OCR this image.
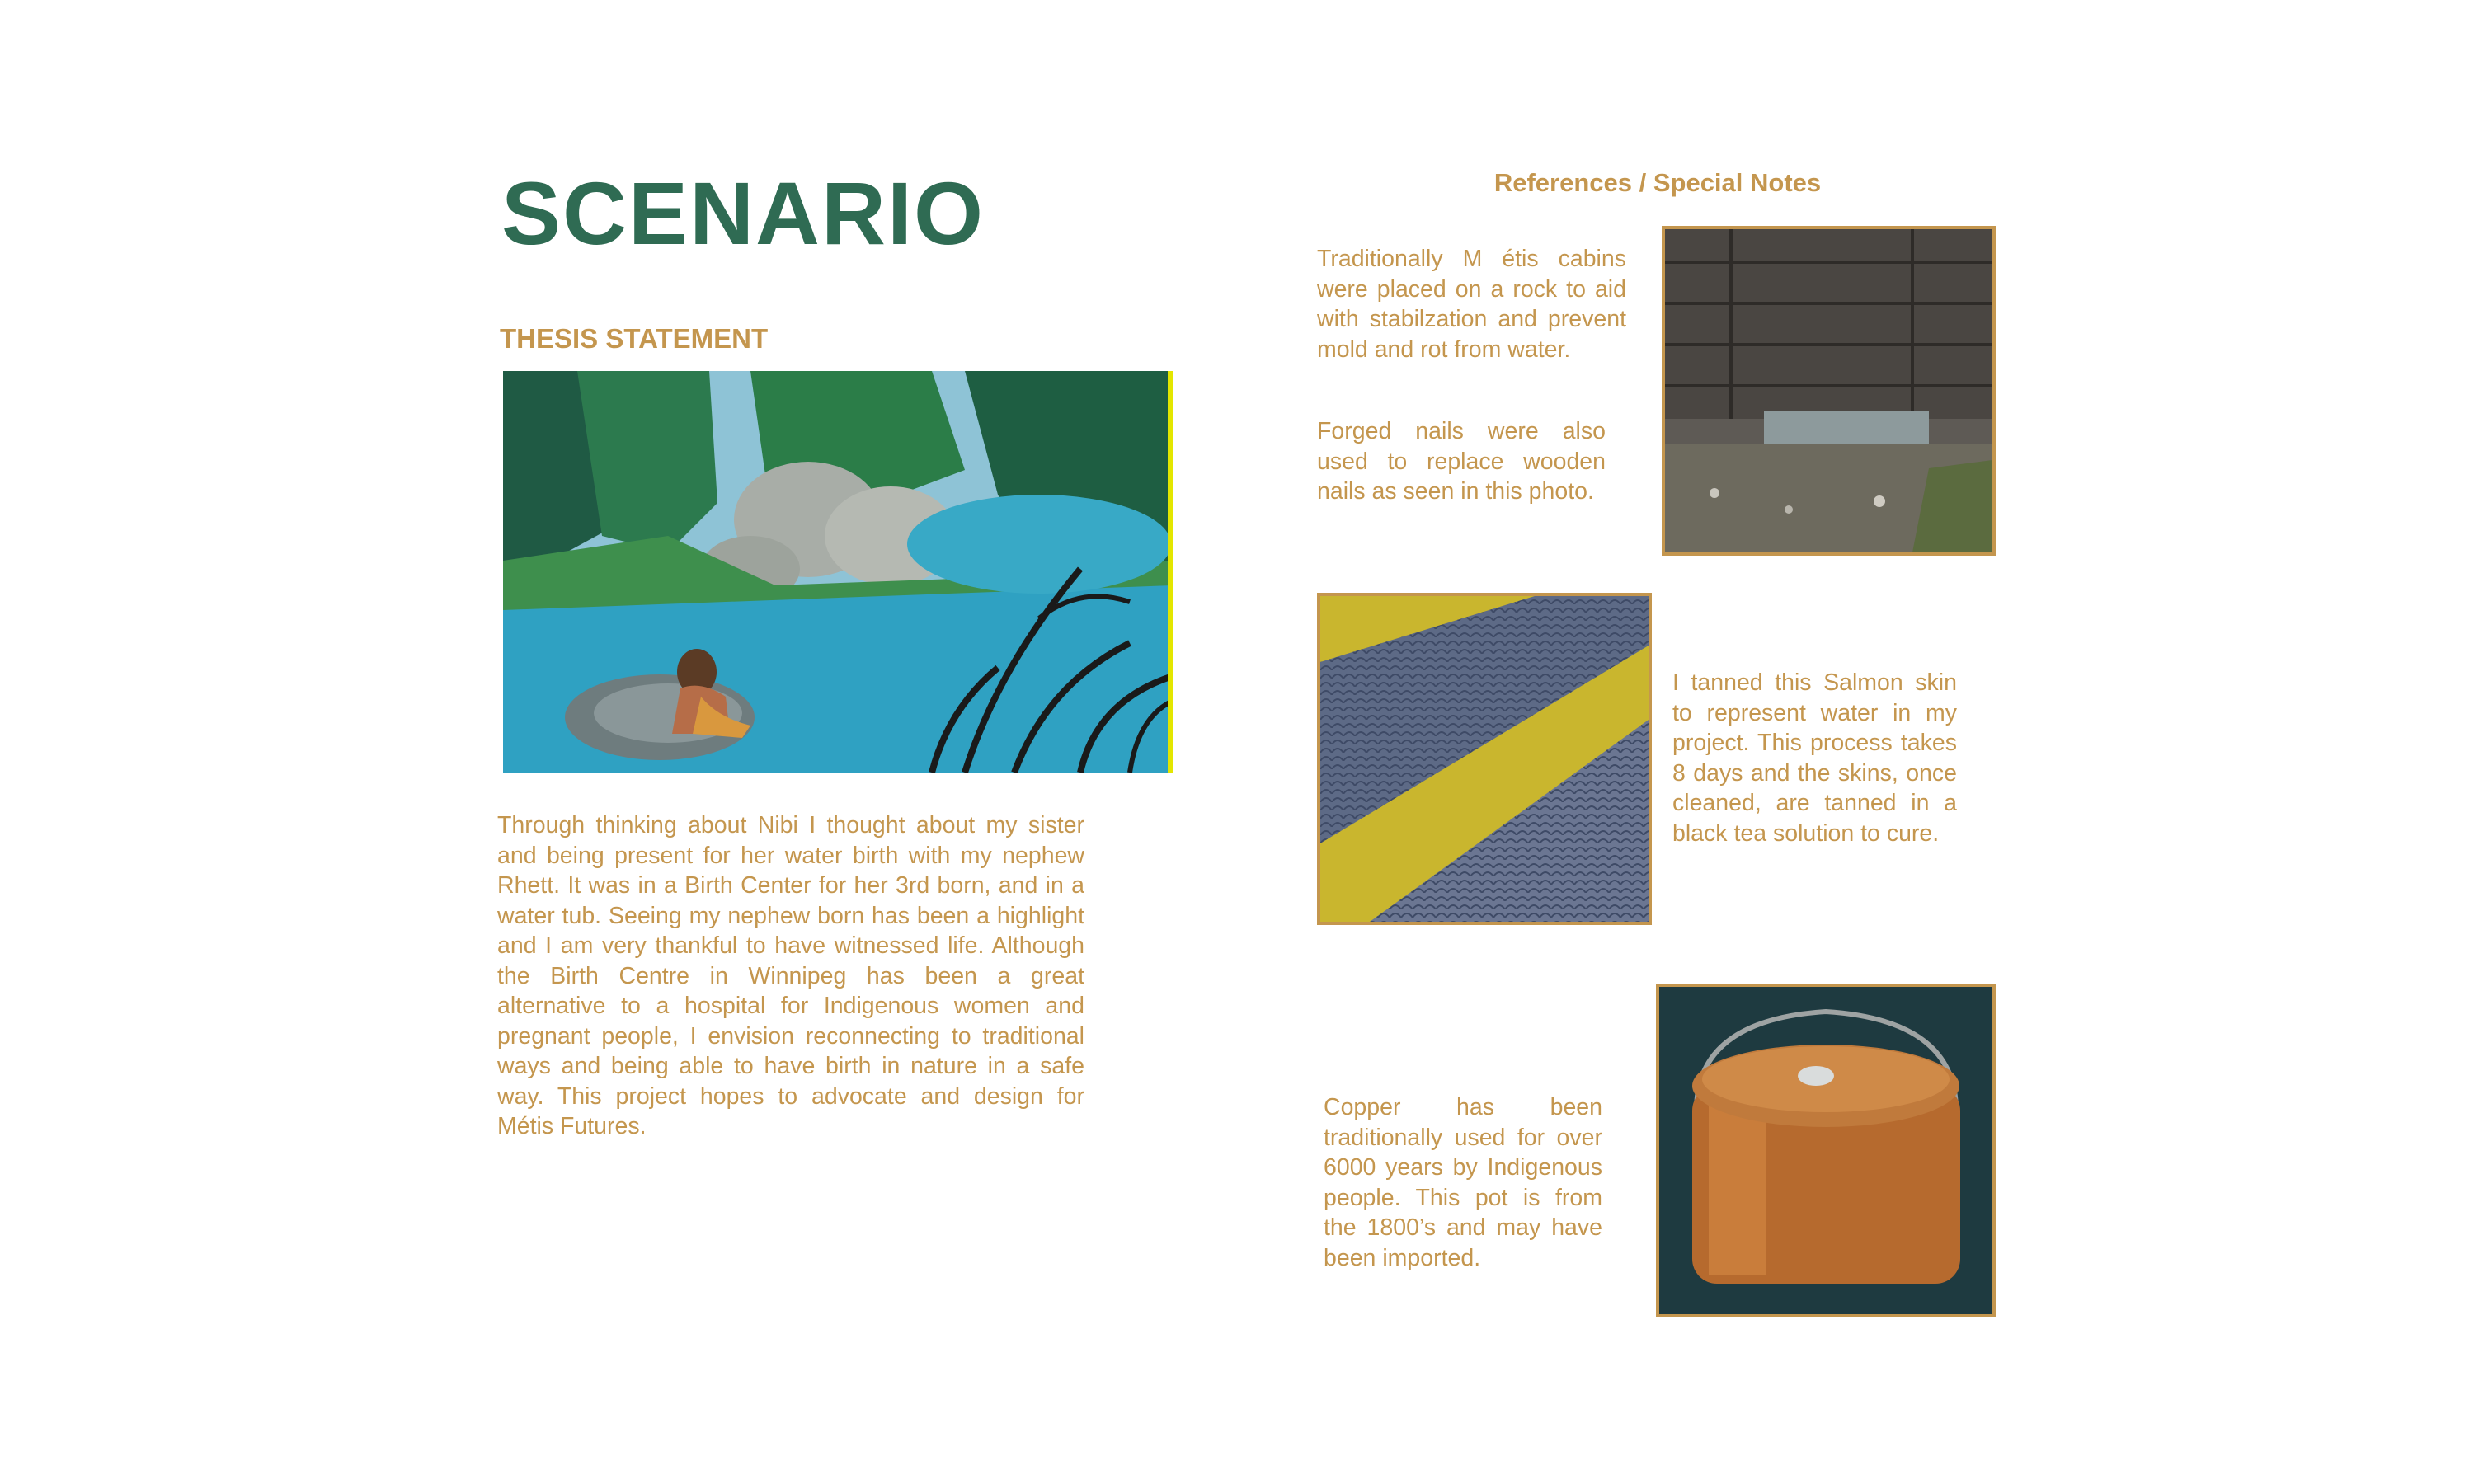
SCENARIO
THESIS STATEMENT

Through thinking about Nibi I thought about my sister and being present for her water birth with my nephew Rhett. It was in a Birth Center for her 3rd born, and in a water tub. Seeing my nephew born has been a highlight and I am very thankful to have witnessed life. Although the Birth Centre in Winnipeg has been a great alternative to a hospital for Indigenous women and pregnant people, I envision reconnecting to traditional ways and being able to have birth in nature in a safe way. This project hopes to advocate and design for Métis Futures.

References / Special Notes

Traditionally M étis cabins were placed on a rock to aid with stabilzation and prevent mold and rot from water.

Forged nails were also used to replace wooden nails as seen in this photo.

I tanned this Salmon skin to represent water in my project. This process takes 8 days and the skins, once cleaned, are tanned in a black tea solution to cure.

Copper has been traditionally used for over 6000 years by Indigenous people. This pot is from the 1800’s and may have been imported.
